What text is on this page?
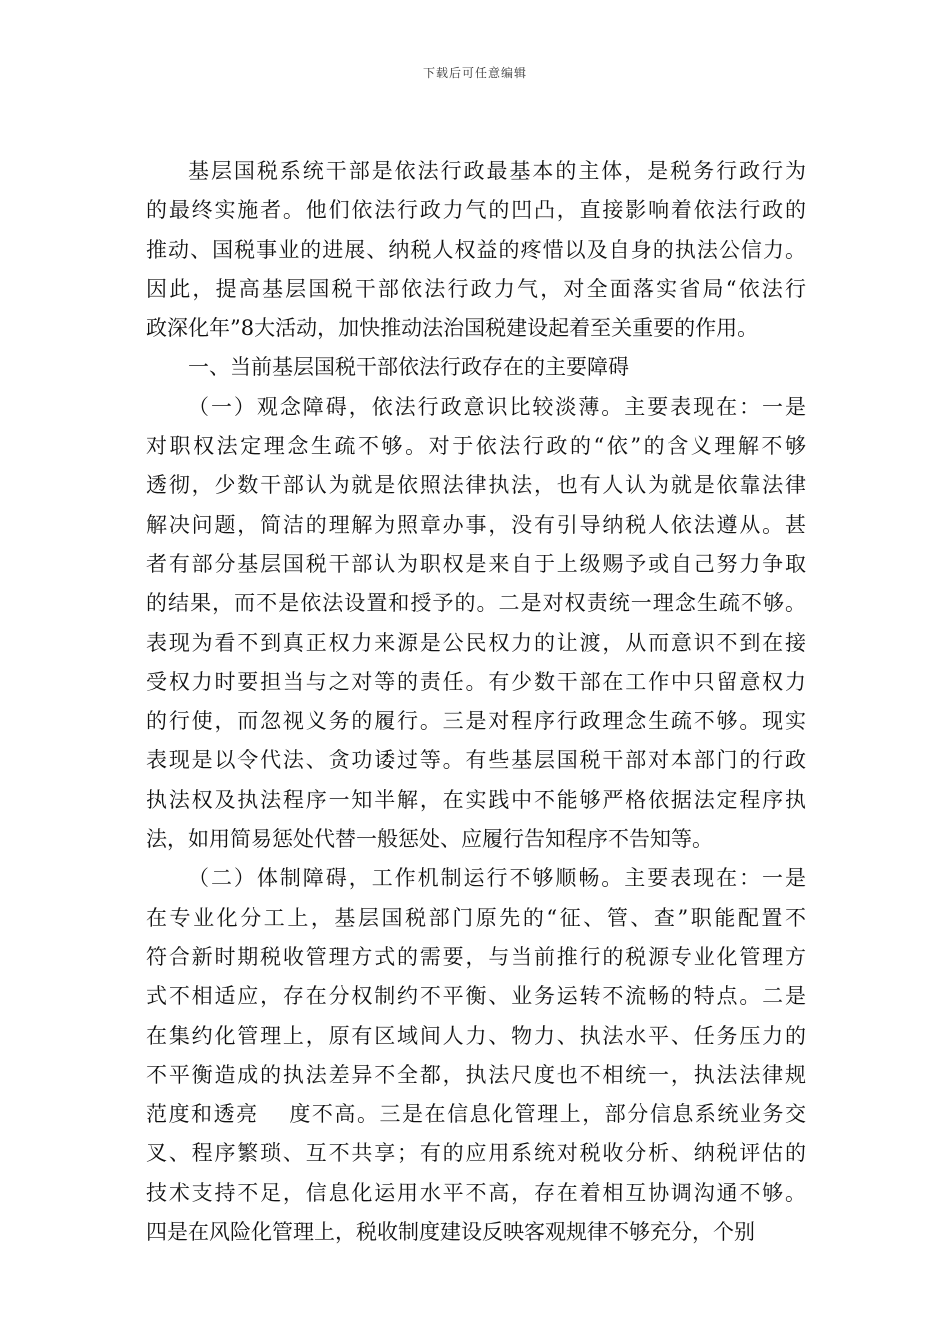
下载后可任意编辑
基层国税系统干部是依法行政最基本的主体，是税务行政行为
的最终实施者。他们依法行政力气的凹凸，直接影响着依法行政的
推动、国税事业的进展、纳税人权益的疼惜以及自身的执法公信力。
因此，提高基层国税干部依法行政力气，对全面落实省局“依法行
政深化年”8大活动，加快推动法治国税建设起着至关重要的作用。
一、当前基层国税干部依法行政存在的主要障碍
（一）观念障碍，依法行政意识比较淡薄。主要表现在：一是
对职权法定理念生疏不够。对于依法行政的“依”的含义理解不够
透彻，少数干部认为就是依照法律执法，也有人认为就是依靠法律
解决问题，简洁的理解为照章办事，没有引导纳税人依法遵从。甚
者有部分基层国税干部认为职权是来自于上级赐予或自己努力争取
的结果，而不是依法设置和授予的。二是对权责统一理念生疏不够。
表现为看不到真正权力来源是公民权力的让渡，从而意识不到在接
受权力时要担当与之对等的责任。有少数干部在工作中只留意权力
的行使，而忽视义务的履行。三是对程序行政理念生疏不够。现实
表现是以令代法、贪功诿过等。有些基层国税干部对本部门的行政
执法权及执法程序一知半解，在实践中不能够严格依据法定程序执
法，如用简易惩处代替一般惩处、应履行告知程序不告知等。
（二）体制障碍，工作机制运行不够顺畅。主要表现在：一是
在专业化分工上，基层国税部门原先的“征、管、查”职能配置不
符合新时期税收管理方式的需要，与当前推行的税源专业化管理方
式不相适应，存在分权制约不平衡、业务运转不流畅的特点。二是
在集约化管理上，原有区域间人力、物力、执法水平、任务压力的
不平衡造成的执法差异不全都，执法尺度也不相统一，执法法律规
范度和透亮　 度不高。三是在信息化管理上，部分信息系统业务交
叉、程序繁琐、互不共享；有的应用系统对税收分析、纳税评估的
技术支持不足，信息化运用水平不高，存在着相互协调沟通不够。
四是在风险化管理上，税收制度建设反映客观规律不够充分，个别
